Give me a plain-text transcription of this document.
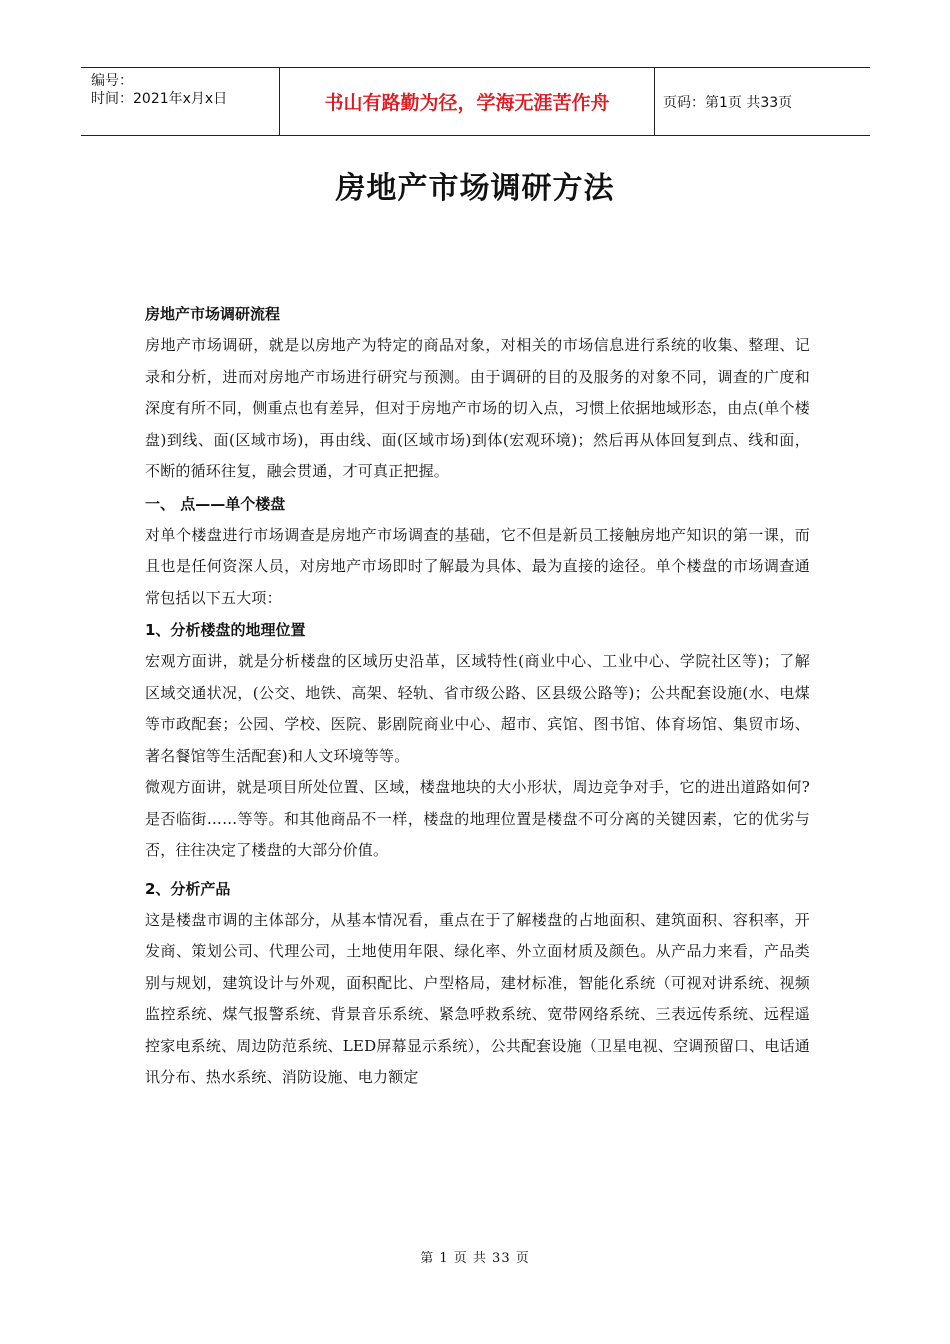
编号：
时间：2021年x月x日	书山有路勤为径，学海无涯苦作舟	页码：第1页 共33页
房地产市场调研方法

房地产市场调研流程

房地产市场调研，就是以房地产为特定的商品对象，对相关的市场信息进行系统的收集、整理、记录和分析，进而对房地产市场进行研究与预测。由于调研的目的及服务的对象不同，调查的广度和深度有所不同，侧重点也有差异，但对于房地产市场的切入点，习惯上依据地域形态，由点(单个楼盘)到线、面(区域市场)，再由线、面(区域市场)到体(宏观环境)；然后再从体回复到点、线和面，不断的循环往复，融会贯通，才可真正把握。

一、 点——单个楼盘

对单个楼盘进行市场调查是房地产市场调查的基础，它不但是新员工接触房地产知识的第一课，而且也是任何资深人员，对房地产市场即时了解最为具体、最为直接的途径。单个楼盘的市场调查通常包括以下五大项：

1、分析楼盘的地理位置

宏观方面讲，就是分析楼盘的区域历史沿革，区域特性(商业中心、工业中心、学院社区等)；了解区域交通状况，(公交、地铁、高架、轻轨、省市级公路、区县级公路等)；公共配套设施(水、电煤等市政配套；公园、学校、医院、影剧院商业中心、超市、宾馆、图书馆、体育场馆、集贸市场、著名餐馆等生活配套)和人文环境等等。

微观方面讲，就是项目所处位置、区域，楼盘地块的大小形状，周边竞争对手，它的进出道路如何?是否临街……等等。和其他商品不一样，楼盘的地理位置是楼盘不可分离的关键因素，它的优劣与否，往往决定了楼盘的大部分价值。

2、分析产品

这是楼盘市调的主体部分，从基本情况看，重点在于了解楼盘的占地面积、建筑面积、容积率，开发商、策划公司、代理公司，土地使用年限、绿化率、外立面材质及颜色。从产品力来看，产品类别与规划，建筑设计与外观，面积配比、户型格局，建材标准，智能化系统（可视对讲系统、视频监控系统、煤气报警系统、背景音乐系统、紧急呼救系统、宽带网络系统、三表远传系统、远程遥控家电系统、周边防范系统、LED屏幕显示系统），公共配套设施（卫星电视、空调预留口、电话通讯分布、热水系统、消防设施、电力额定

第 1 页 共 33 页
